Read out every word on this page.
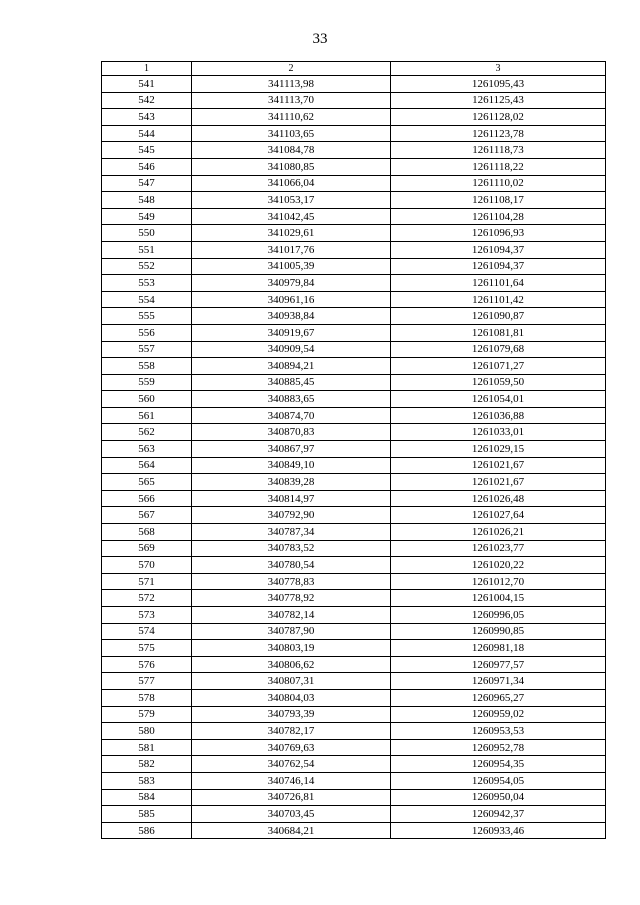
33
1	2	3
541	341113,98	1261095,43
542	341113,70	1261125,43
543	341110,62	1261128,02
544	341103,65	1261123,78
545	341084,78	1261118,73
546	341080,85	1261118,22
547	341066,04	1261110,02
548	341053,17	1261108,17
549	341042,45	1261104,28
550	341029,61	1261096,93
551	341017,76	1261094,37
552	341005,39	1261094,37
553	340979,84	1261101,64
554	340961,16	1261101,42
555	340938,84	1261090,87
556	340919,67	1261081,81
557	340909,54	1261079,68
558	340894,21	1261071,27
559	340885,45	1261059,50
560	340883,65	1261054,01
561	340874,70	1261036,88
562	340870,83	1261033,01
563	340867,97	1261029,15
564	340849,10	1261021,67
565	340839,28	1261021,67
566	340814,97	1261026,48
567	340792,90	1261027,64
568	340787,34	1261026,21
569	340783,52	1261023,77
570	340780,54	1261020,22
571	340778,83	1261012,70
572	340778,92	1261004,15
573	340782,14	1260996,05
574	340787,90	1260990,85
575	340803,19	1260981,18
576	340806,62	1260977,57
577	340807,31	1260971,34
578	340804,03	1260965,27
579	340793,39	1260959,02
580	340782,17	1260953,53
581	340769,63	1260952,78
582	340762,54	1260954,35
583	340746,14	1260954,05
584	340726,81	1260950,04
585	340703,45	1260942,37
586	340684,21	1260933,46
